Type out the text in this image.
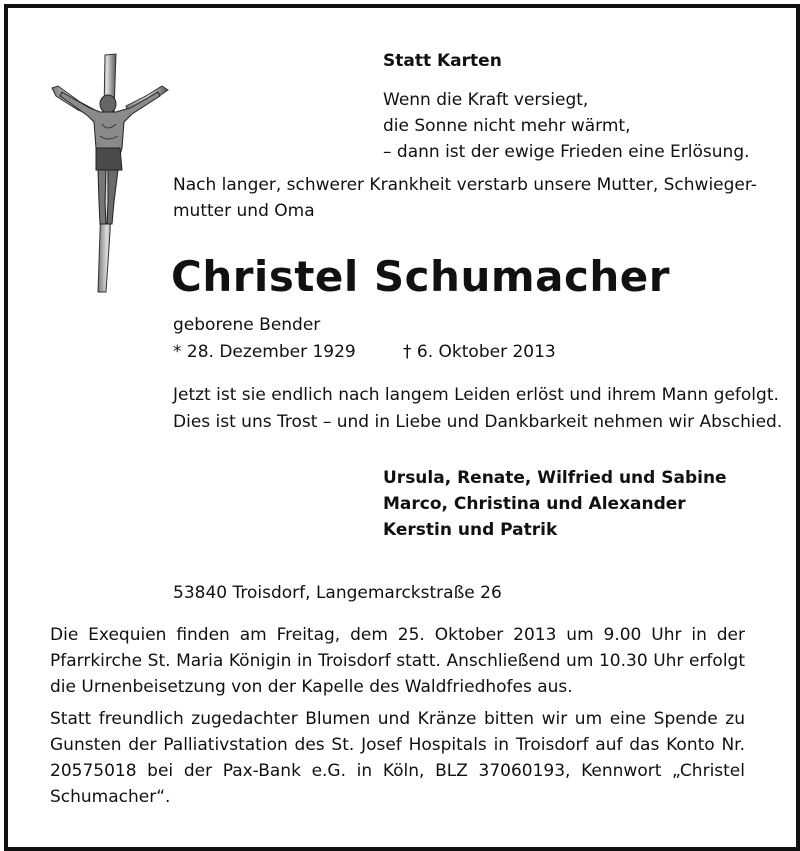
Statt Karten
Wenn die Kraft versiegt,
die Sonne nicht mehr wärmt,
– dann ist der ewige Frieden eine Erlösung.
Nach langer, schwerer Krankheit verstarb unsere Mutter, Schwieger-
mutter und Oma
Christel Schumacher
geborene Bender
* 28. Dezember 1929	† 6. Oktober 2013
Jetzt ist sie endlich nach langem Leiden erlöst und ihrem Mann gefolgt.
Dies ist uns Trost – und in Liebe und Dankbarkeit nehmen wir Abschied.
Ursula, Renate, Wilfried und Sabine
Marco, Christina und Alexander
Kerstin und Patrik
53840 Troisdorf, Langemarckstraße 26
Die Exequien finden am Freitag, dem 25. Oktober 2013 um 9.00 Uhr in der Pfarrkirche St. Maria Königin in Troisdorf statt. Anschließend um 10.30 Uhr erfolgt die Urnenbeisetzung von der Kapelle des Waldfriedhofes aus.
Statt freundlich zugedachter Blumen und Kränze bitten wir um eine Spende zu Gunsten der Palliativstation des St. Josef Hospitals in Troisdorf auf das Konto Nr. 20575018 bei der Pax-Bank e.G. in Köln, BLZ 37060193, Kennwort „Christel Schumacher“.
